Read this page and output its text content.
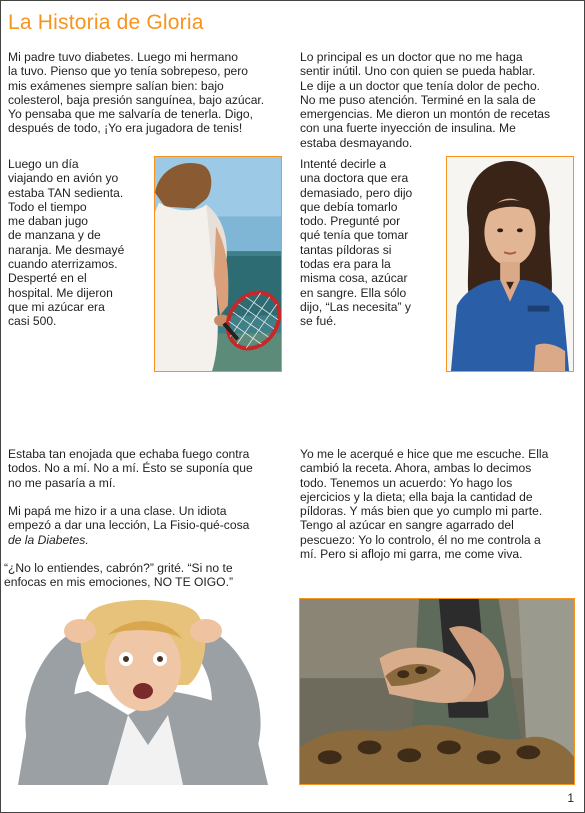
La Historia de Gloria

Mi padre tuvo diabetes. Luego mi hermano
la tuvo. Pienso que yo tenía sobrepeso, pero
mis exámenes siempre salían bien: bajo
colesterol, baja presión sanguínea, bajo azúcar.
Yo pensaba que me salvaría de tenerla. Digo,
después de todo, ¡Yo era jugadora de tenis!

Luego un día
viajando en avión yo
estaba TAN sedienta.
Todo el tiempo
me daban jugo
de manzana y de
naranja. Me desmayé
cuando aterrizamos.
Desperté en el
hospital. Me dijeron
que mi azúcar era
casi 500.

Lo principal es un doctor que no me haga
sentir inútil. Uno con quien se pueda hablar.
Le dije a un doctor que tenía dolor de pecho.
No me puso atención. Terminé en la sala de
emergencias. Me dieron un montón de recetas
con una fuerte inyección de insulina. Me
estaba desmayando.

Intenté decirle a
una doctora que era
demasiado, pero dijo
que debía tomarlo
todo. Pregunté por
qué tenía que tomar
tantas píldoras si
todas era para la
misma cosa, azúcar
en sangre. Ella sólo
dijo, “Las necesita” y
se fué.

Estaba tan enojada que echaba fuego contra
todos. No a mí. No a mí. Ésto se suponía que
no me pasaría a mí.

Mi papá me hizo ir a una clase. Un idiota
empezó a dar una lección, La Fisio-qué-cosa
de la Diabetes.

“¿No lo entiendes, cabrón?” grité. “Si no te
enfocas en mis emociones, NO TE OIGO.”

Yo me le acerqué e hice que me escuche. Ella
cambió la receta. Ahora, ambas lo decimos
todo. Tenemos un acuerdo: Yo hago los
ejercicios y la dieta; ella baja la cantidad de
píldoras. Y más bien que yo cumplo mi parte.
Tengo al azúcar en sangre agarrado del
pescuezo: Yo lo controlo, él no me controla a
mí. Pero si aflojo mi garra, me come viva.

1
